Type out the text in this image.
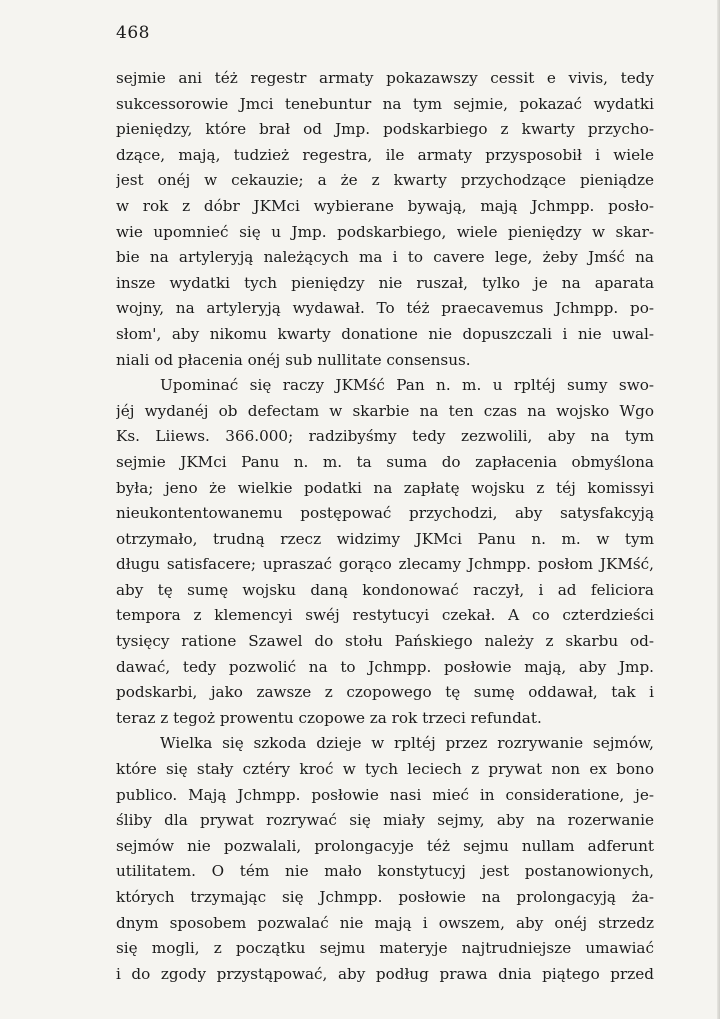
468
sejmie ani téż regestr armaty pokazawszy cessit e vivis, tedy
sukcessorowie Jmci tenebuntur na tym sejmie, pokazać wydatki
pieniędzy, które brał od Jmp. podskarbiego z kwarty przycho-
dzące, mają, tudzież regestra, ile armaty przysposobił i wiele
jest onéj w cekauzie; a że z kwarty przychodzące pieniądze
w rok z dóbr JKMci wybierane bywają, mają Jchmpp. posło-
wie upomnieć się u Jmp. podskarbiego, wiele pieniędzy w skar-
bie na artyleryją należących ma i to cavere lege, żeby Jmść na
insze wydatki tych pieniędzy nie ruszał, tylko je na aparata
wojny, na artyleryją wydawał. To téż praecavemus Jchmpp. po-
słom', aby nikomu kwarty donatione nie dopuszczali i nie uwal-
niali od płacenia onéj sub nullitate consensus.
Upominać się raczy JKMść Pan n. m. u rpltéj sumy swo-
jéj wydanéj ob defectam w skarbie na ten czas na wojsko Wgo
Ks. Liiews. 366.000; radzibyśmy tedy zezwolili, aby na tym
sejmie JKMci Panu n. m. ta suma do zapłacenia obmyślona
była; jeno że wielkie podatki na zapłatę wojsku z téj komissyi
nieukontentowanemu postępować przychodzi, aby satysfakcyją
otrzymało, trudną rzecz widzimy JKMci Panu n. m. w tym
długu satisfacere; upraszać gorąco zlecamy Jchmpp. posłom JKMść,
aby tę sumę wojsku daną kondonować raczył, i ad feliciora
tempora z klemencyi swéj restytucyi czekał. A co czterdzieści
tysięcy ratione Szawel do stołu Pańskiego należy z skarbu od-
dawać, tedy pozwolić na to Jchmpp. posłowie mają, aby Jmp.
podskarbi, jako zawsze z czopowego tę sumę oddawał, tak i
teraz z tegoż prowentu czopowe za rok trzeci refundat.
Wielka się szkoda dzieje w rpltéj przez rozrywanie sejmów,
które się stały cztéry kroć w tych leciech z prywat non ex bono
publico. Mają Jchmpp. posłowie nasi mieć in consideratione, je-
śliby dla prywat rozrywać się miały sejmy, aby na rozerwanie
sejmów nie pozwalali, prolongacyje téż sejmu nullam adferunt
utilitatem. O tém nie mało konstytucyj jest postanowionych,
których trzymając się Jchmpp. posłowie na prolongacyją ża-
dnym sposobem pozwalać nie mają i owszem, aby onéj strzedz
się mogli, z początku sejmu materyje najtrudniejsze umawiać
i do zgody przystąpować, aby podług prawa dnia piątego przed
